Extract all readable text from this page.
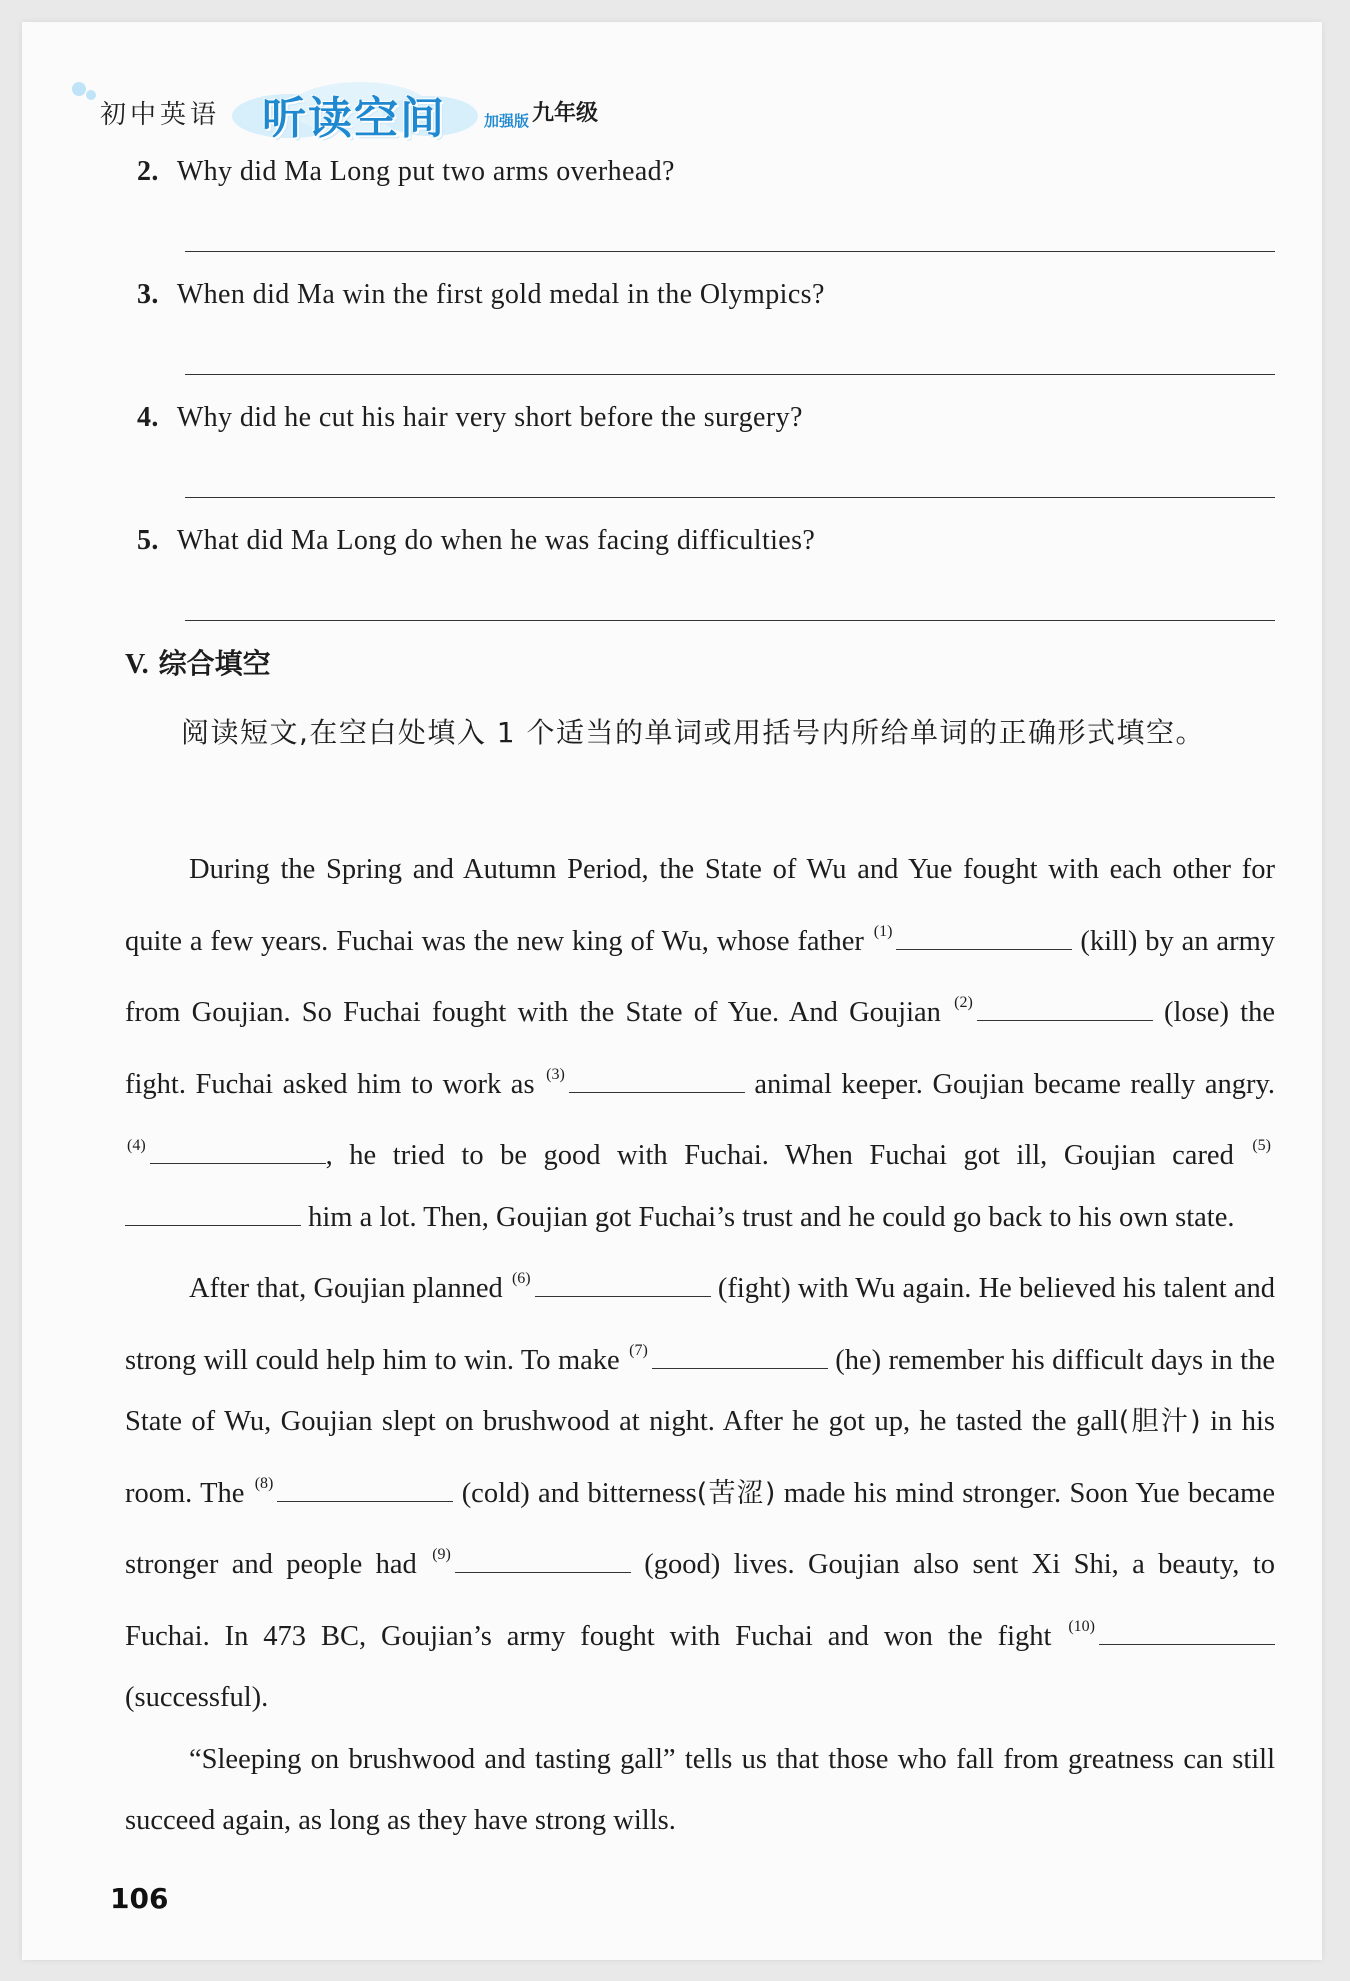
初中英语 听读空间	加强版 九年级
2. Why did Ma Long put two arms overhead?
3. When did Ma win the first gold medal in the Olympics?
4. Why did he cut his hair very short before the surgery?
5. What did Ma Long do when he was facing difficulties?
V. 综合填空
阅读短文,在空白处填入 1 个适当的单词或用括号内所给单词的正确形式填空。

During the Spring and Autumn Period, the State of Wu and Yue fought with each other for quite a few years. Fuchai was the new king of Wu, whose father $^{(1)}$	(kill) by an army from Goujian. So Fuchai fought with the State of Yue. And Goujian $^{(2)}$	(lose) the fight. Fuchai asked him to work as $^{(3)}$	animal keeper. Goujian became really angry. $^{(4)}$	, he tried to be good with Fuchai. When Fuchai got ill, Goujian cared $^{(5)}$ him a lot. Then, Goujian got Fuchai’s trust and he could go back to his own state.

After that, Goujian planned $^{(6)}$	(fight) with Wu again. He believed his talent and strong will could help him to win. To make $^{(7)}$	(he) remember his difficult days in the State of Wu, Goujian slept on brushwood at night. After he got up, he tasted the gall(胆汁) in his room. The $^{(8)}$	(cold) and bitterness(苦涩) made his mind stronger. Soon Yue became stronger and people had $^{(9)}$	(good) lives. Goujian also sent Xi Shi, a beauty, to Fuchai. In 473 BC, Goujian’s army fought with Fuchai and won the fight $^{(10)}$ (successful).

“Sleeping on brushwood and tasting gall” tells us that those who fall from greatness can still succeed again, as long as they have strong wills.

106
